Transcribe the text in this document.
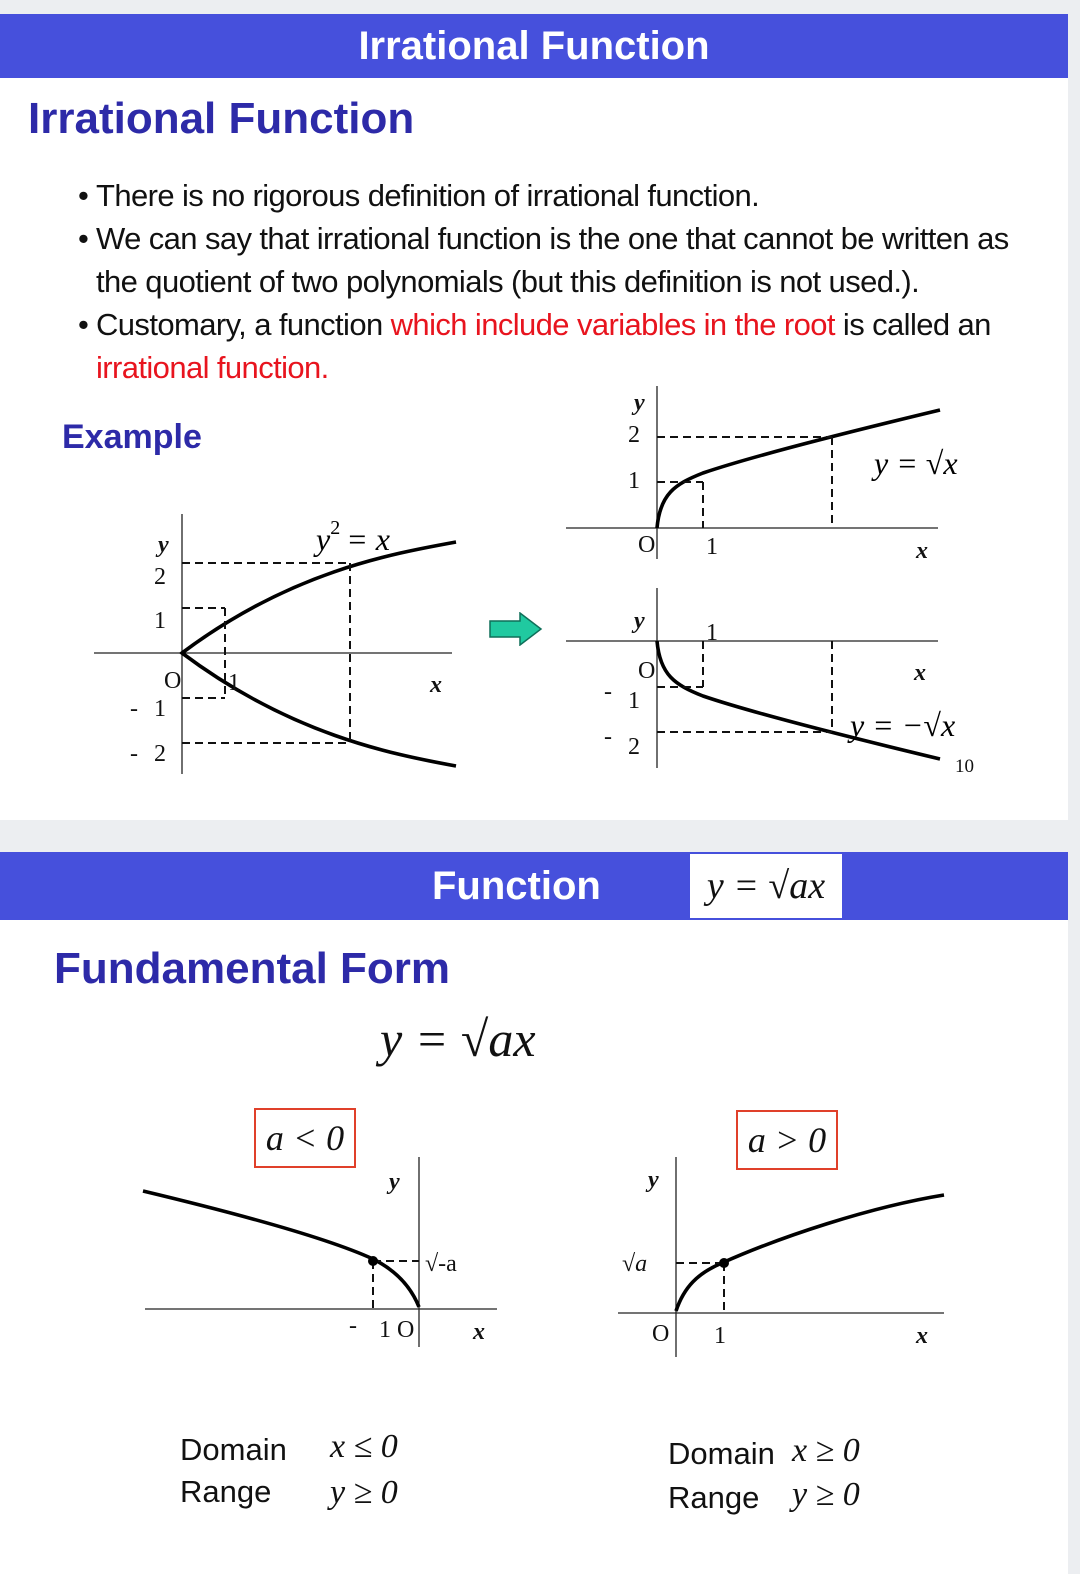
Irrational Function
Irrational Function
• There is no rigorous definition of irrational function.
• We can say that irrational function is the one that cannot be written as the quotient of two polynomials (but this definition is not used.).
• Customary, a function which include variables in the root is called an irrational function.
Example
y
2
1
O 1
- 1
- 2
x
$y^2 = x$
y
2
1
O 1	x
y = √x
y	1
O
- 1
- 2
x
y = −√x
10
Function	y = √ax
Fundamental Form
y = √ax
a < 0
y
√-a
- 1 O x
Domain x ≤ 0
Range y ≥ 0
a > 0
y
√a
O 1	x
Domain x ≥ 0
Range y ≥ 0
